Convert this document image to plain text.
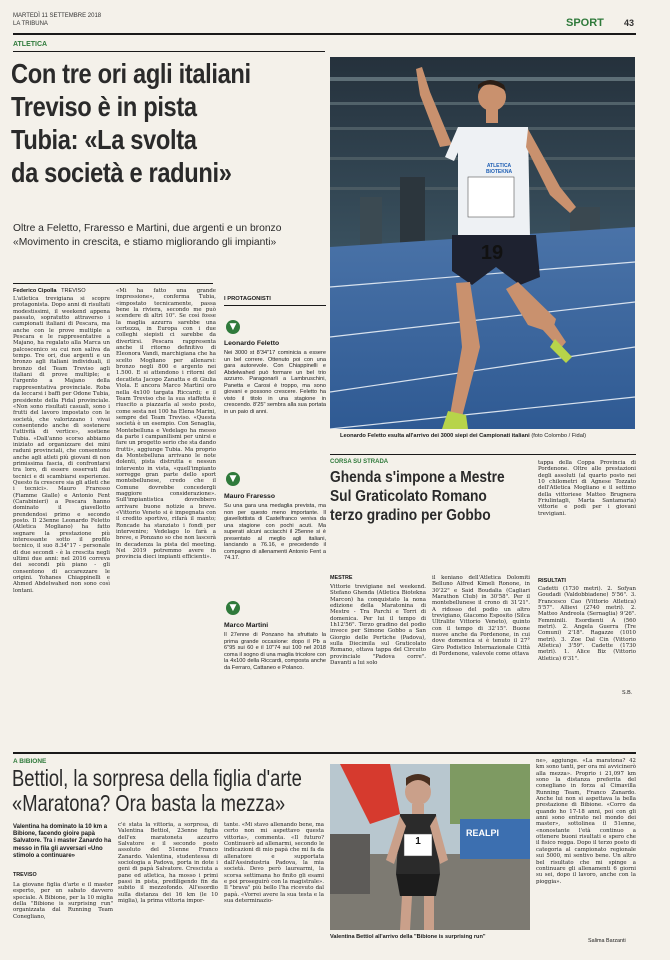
MARTEDÌ 11 SETTEMBRE 2018
LA TRIBUNA	SPORT 43
ATLETICA
Con tre ori agli italiani
Treviso è in pista
Tubia: «La svolta
da società e raduni»
Oltre a Feletto, Fraresso e Martini, due argenti e un bronzo «Movimento in crescita, e stiamo migliorando gli impianti»
Federico Cipolla TREVISO
L'atletica trevigiana si scopre protagonista. Dopo anni di risultati modestissimi, il weekend appena passato, sopratutto attraverso i campionati italiani di Pescara, ma anche con le prove multiple a Pescara e le rappresentative a Majano, ha regalato alla Marca un palcoscenico su cui non saliva da tempo. Tre ori, due argenti e un bronzo agli italiani individuali, il bronzo del Team Treviso agli italiani di prove multiple; e l'argento a Majano della rappresentativa provinciale. Roba da leccarsi i baffi per Odone Tubia, presidente della Fidal provinciale. «Non sono risultati casuali, sono i frutti del lavoro impostato con le società, che valorizzano i vivai consentendo anche di sostenere l'attività di vertice», sostiene Tubia. «Dall'anno scorso abbiamo iniziato ad organizzare dei mini raduni provinciali, che consentono anche agli atleti più giovani di non primissima fascia, di confrontarsi tra loro, di essere osservati dai tecnici e di scambiarsi esperienze. Questo fa crescere sia gli atleti che i tecnici». Mauro Fraresso (Fiamme Gialle) e Antonio Fent (Carabinieri) a Pescara hanno dominato il giavellotto prendendosi primo e secondo posto. Il 23enne Leonardo Feletto (Atletica Mogliano) ha fatto segnare la prestazione più interessante sotto il profilo tecnico, il suo 8.34"17 - personale di due secondi - è la crescita negli ultimi due anni: nel 2016 correva dei secondi più piano - gli consentono di accarezzare le origini. Yohanes Chiappinelli e Ahmed Abdelwahed non sono così lontani.
«Mi ha fatto una grande impressione», conferma Tubia, «impostato tecnicamente, passa bene la riviera, secondo me può scendere di altri 10". Se così fosse la maglia azzurra sarebbe una certezza, in Europa con i due colleghi siepisti ci sarebbe da divertirsi. Pescara rappresenta anche il ritorno definitivo di Eleonora Vandi, marchigiana che ha scelto Mogliano per allenarsi: bronzo negli 800 e argento nei 1.500. E si attendono i ritorni del decatleta Jacopo Zanatta e di Giulia Viola. E ancora Marco Martini oro nella 4x100 targata Riccardi; e il Team Treviso che la sua staffetta è riuscito a piazzarla al sesto posto, come sesta nei 100 ha Elena Marini, sempre del Team Treviso. «Questa società è un esempio. Con Senaglia, Montebelluna e Vedelago ha messo da parte i campanilismi per unirsi e fare un progetto serio che sta dando frutti», aggiunge Tubia. Ma proprio da Montebelluna arrivano le note dolenti, pista distrutta e nessun intervento in vista, «quell'impianto sorregge gran parte dello sport montebellunese, credo che il Comune dovrebbe concedergli maggiore considerazione». Sull'impiantistica dovrebbero arrivare buone notizie a breve. «Vittorio Veneto si è impegnata con il credito sportivo, rifarà il manto; Roncade ha stanziato i fondi per intervenire; Vedelago lo farà a breve, e Ponzano so che non lascerà in decadenza la pista del meeting. Nel 2019 potremmo avere in provincia dieci impianti efficienti».
I PROTAGONISTI
▼
Leonardo Feletto
Nei 3000 st 8'34"17 cominicia a essere un bel correre. Ottenuto poi con una gara autorevole. Con Chiappinelli e Abdelwahed può formare un bel trio azzurro. Paragonarli a Lambruschini, Panetta e Carosi è troppo, ma sono giovani e possono crescere. Feletto ha visto il titolo in una stagione in crescendo. 8'25" sembra alla sua portata in un paio di anni.
▼
Mauro Fraresso
Su una gara una medaglia prevista, ma non per questo meno importante. Il giavellottista di Castelfranco veniva da una stagione con pochi acuti. Ma superati alcuni acciacchi il 25enne si è presentato al meglio agli italiani, lanciando a 76.16, e precedendo il compagno di allenamenti Antonio Fent a 74.17.
▼
Marco Martini
Il 27enne di Ponzano ha sfruttato la prima grande occasione: dopo il Pb a 6"95 sui 60 e il 10"74 sui 100 nel 2018 coma il sogno di una maglia tricolore con la 4x100 della Riccardi, composta anche da Ferraro, Cattaneo e Polanco.
ATLETICA BIOTEKNA
19
Leonardo Feletto esulta all'arrivo dei 3000 siepi dei Campionati italiani (foto Colombo / Fidal)
CORSA SU STRADA
Ghenda s'impone a Mestre Sul Graticolato Romano terzo gradino per Gobbo
MESTRE
Vittorie trevigiane nel weekend. Stefano Ghenda (Atletica Biotekna Marcon) ha conquistato la nona edizione della Maratonina di Mestre - Tra Parchi e Torri di domenica. Per lui il tempo di 1h12'56". Terzo gradino del podio invece per Simone Gobbo a San Giorgio delle Pertiche (Padova), sulla Diecimila sul Graticolato Romano, ottava tappa del Circuito provinciale "Padova corre". Davanti a lui solo
il keniano dell'Atletica Dolomiti Belluno Alfred Kimeli Ronone, in 30'22" e Said Boudalia (Cagliari Marathon Club) in 30'58". Per il montebellunese il crono di 31'21". A ridosso del podio un altro trevigiano, Giacomo Esposito (Silca Ultralite Vittorio Veneto), quinto con il tempo di 32'15". Buone nuove anche da Pordenone, in cui dove domenica si è tenuto il 27° Giro Podistico Internazionale Città di Pordenone, valevole come ottava
tappa della Coppa Provincia di Pordenone. Oltre alle prestazioni degli assoluti (al quarto posto nei 10 chilometri di Agnese Tozzato dell'Atletica Mogliano e il settimo della vittoriese Matteo Brugnera Friulintagli, Marta Santamaria) vittorie e podi per i giovani trevigiani.
RISULTATI
Cadetti (1730 metri). 2. Sofyan Goudadi (Valdobbiadene) 5'56". 3. Francesco Cao (Vittorio Atletica) 5'57". Allievi (2740 metri). 2. Matteo Andreola (Sernaglia) 9'26". Femminili. Esordienti A (560 metri). 2. Angela Guerra (Tre Comuni) 2'18". Ragazze (1010 metri). 3. Zoe Dal Cin (Vittorio Atletica) 3'59". Cadette (1730 metri). 1. Alice Biz (Vittorio Atletica) 6'31".
S.B.
A BIBIONE
Bettiol, la sorpresa della figlia d'arte
«Maratona? Ora basta la mezza»
Valentina ha dominato la 10 km a Bibione, facendo gioire papà Salvatore. Tra i master Zanardo ha messo in fila gli avversari «Uno stimolo a continuare»
TREVISO
La giovane figlia d'arte e il master esperto, per un sabato davvero speciale. A Bibione, per la 10 miglia della "Bibione is surprising run" organizzata dal Running Team Conegliano,
c'è stata la vittoria, a sorpresa, di Valentina Bettiol, 23enne figlia dell'ex maratoneta azzurro Salvatore e il secondo posto assoluto del 51enne Franco Zanardo. Valentina, studentessa di sociologia a Padova, porta in dote i geni di papà Salvatore. Cresciuta a pane ed atletica, ha mosso i primi passi in pista, prediligendo fin da subito il mezzofondo. All'esordio sulla distanza dei 16 km (le 10 miglia), la prima vittoria impor-
tante. «Mi stavo allenando bene, ma certo non mi aspettavo questa vittoria», commenta. «Il futuro? Continuerò ad allenarmi, secondo le indicazioni di mio papà che mi fa da allenatore e supportata dall'Assindustria Padova, la mia società. Devo però laurearmi, la scorsa settimana ho finito gli esami e poi proseguirò con la magistrale». Il "brava" più bello l'ha ricevuto dal papà. «Vorrei avere la sua testa e la sua determinazio-
ne», aggiunge. «La maratona? 42 km sono tanti, per ora mi avvicinerò alla mezza». Proprio i 21,097 km sono la distanza preferita del conegliano in forza al Cimavilla Running Team, Franco Zanardo. Anche lui non si aspettava la bella prestazione di Bibione. «Corro da quando ho 17-18 anni, poi con gli anni sono entrato nel mondo dei master», sottolinea il 51enne, «nonostante l'età continuo a ottenere buoni risultati e spero che il fisico regga. Dopo il terzo posto di categoria al campionato regionale sui 5000, mi sentivo bene. Un altro bel risultato che mi spinge a continuare gli allenamenti 6 giorni su sei, dopo il lavoro, anche con la pioggia».
Salima Barzanti
1
REALPI
Valentina Bettiol all'arrivo della "Bibione is surprising run"
